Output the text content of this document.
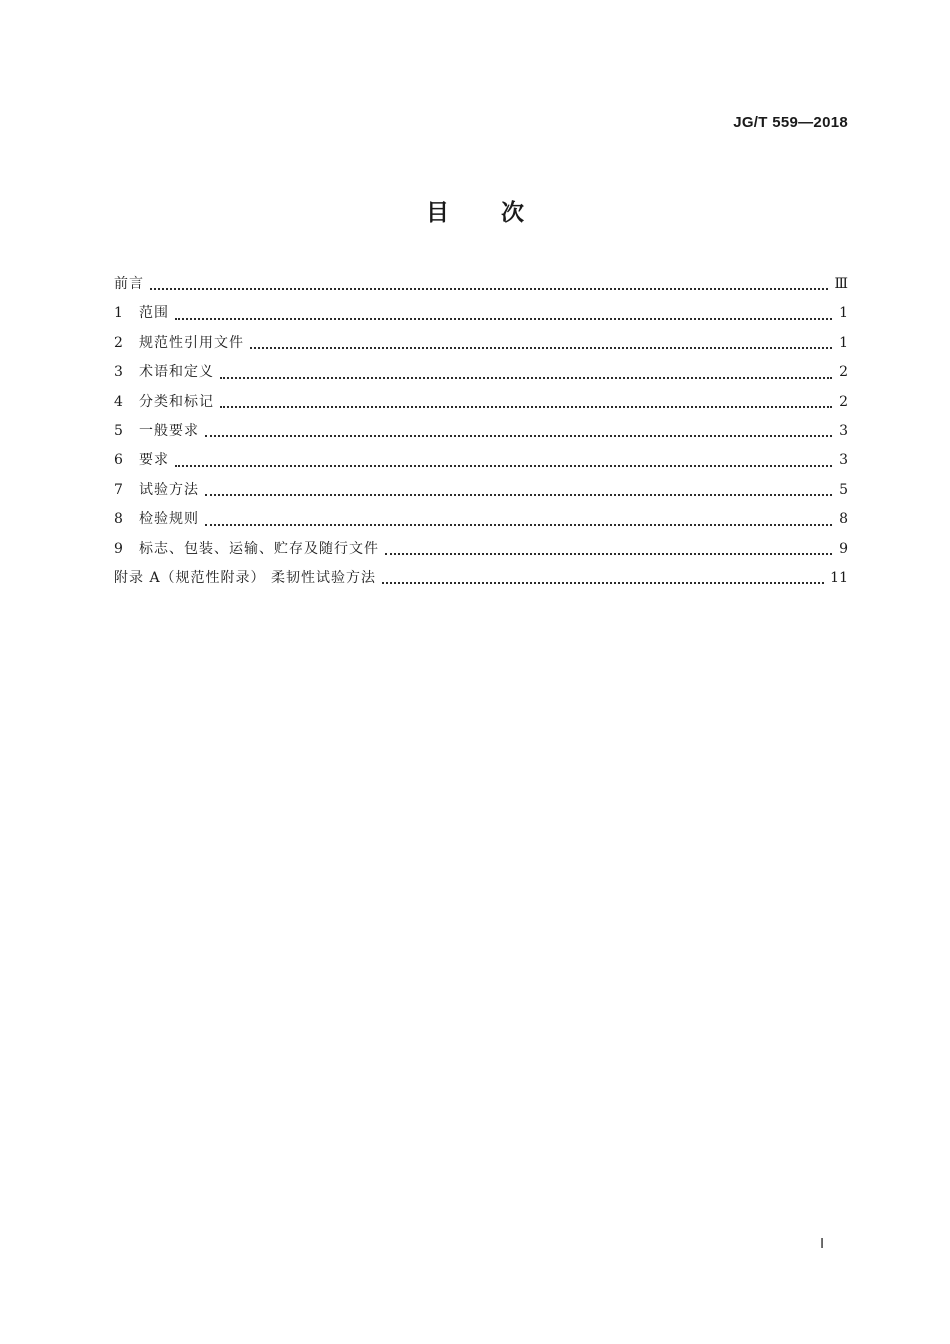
JG/T 559—2018
目 次
前言	Ⅲ
1	范围	1
2	规范性引用文件	1
3	术语和定义	2
4	分类和标记	2
5	一般要求	3
6	要求	3
7	试验方法	5
8	检验规则	8
9	标志、包装、运输、贮存及随行文件	9
附录 A（规范性附录） 柔韧性试验方法	11
Ⅰ
